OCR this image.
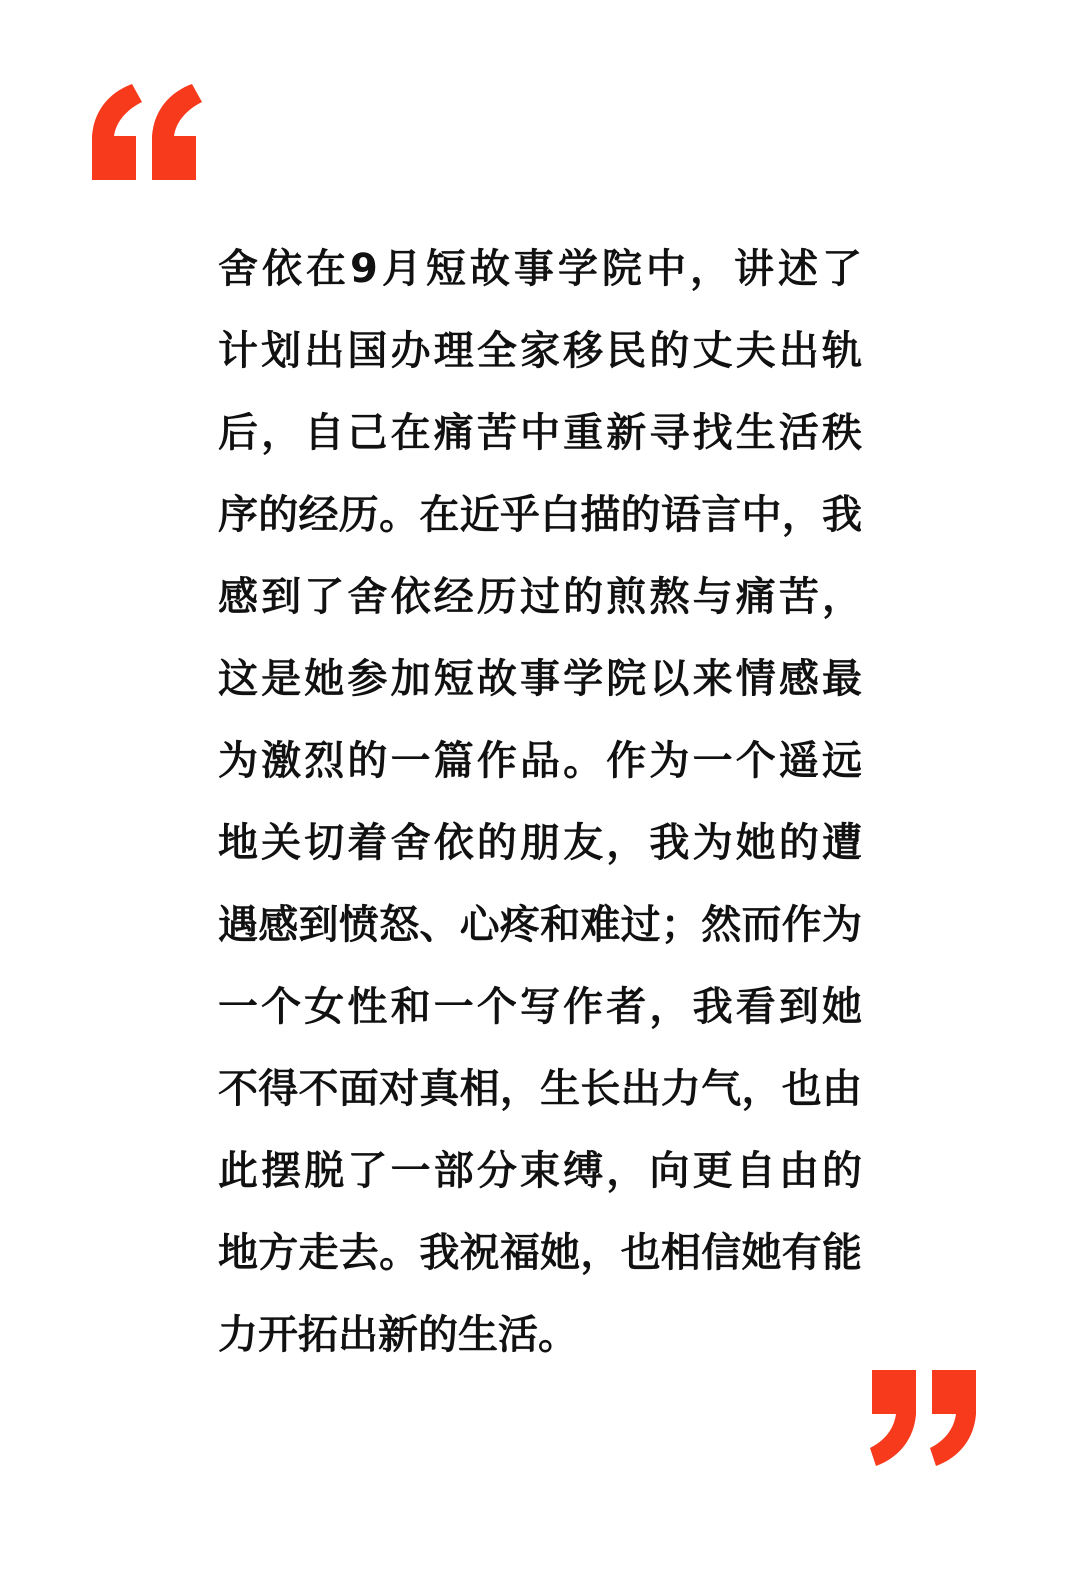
舍依在9月短故事学院中，讲述了
计划出国办理全家移民的丈夫出轨
后，自己在痛苦中重新寻找生活秩
序的经历。在近乎白描的语言中，我
感到了舍依经历过的煎熬与痛苦，
这是她参加短故事学院以来情感最
为激烈的一篇作品。作为一个遥远
地关切着舍依的朋友，我为她的遭
遇感到愤怒、心疼和难过；然而作为
一个女性和一个写作者，我看到她
不得不面对真相，生长出力气，也由
此摆脱了一部分束缚，向更自由的
地方走去。我祝福她，也相信她有能
力开拓出新的生活。
